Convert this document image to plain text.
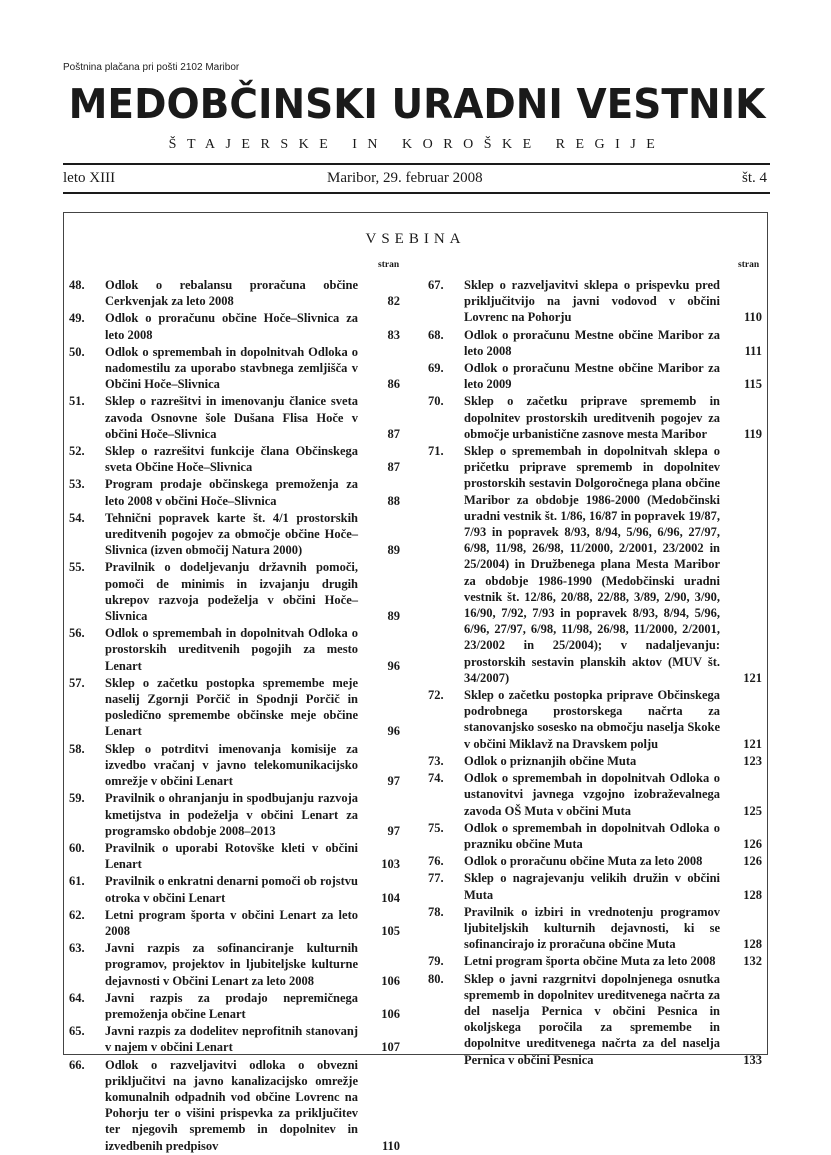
Poštnina plačana pri pošti 2102 Maribor
MEDOBČINSKI URADNI VESTNIK
ŠTAJERSKE IN KOROŠKE REGIJE
leto XIII	Maribor, 29. februar 2008	št. 4
VSEBINA
stran	stran
48.	Odlok o rebalansu proračuna občine Cerkvenjak za leto 2008	82
49.	Odlok o proračunu občine Hoče–Slivnica za leto 2008	83
50.	Odlok o spremembah in dopolnitvah Odloka o nadomestilu za uporabo stavbnega zemljišča v Občini Hoče–Slivnica	86
51.	Sklep o razrešitvi in imenovanju članice sveta zavoda Osnovne šole Dušana Flisa Hoče v občini Hoče–Slivnica	87
52.	Sklep o razrešitvi funkcije člana Občinskega sveta Občine Hoče–Slivnica	87
53.	Program prodaje občinskega premoženja za leto 2008 v občini Hoče–Slivnica	88
54.	Tehnični popravek karte št. 4/1 prostorskih ureditvenih pogojev za območje občine Hoče–Slivnica (izven območij Natura 2000)	89
55.	Pravilnik o dodeljevanju državnih pomoči, pomoči de minimis in izvajanju drugih ukrepov razvoja podeželja v občini Hoče–Slivnica	89
56.	Odlok o spremembah in dopolnitvah Odloka o prostorskih ureditvenih pogojih za mesto Lenart	96
57.	Sklep o začetku postopka spremembe meje naselij Zgornji Porčič in Spodnji Porčič in posledično spremembe občinske meje občine Lenart	96
58.	Sklep o potrditvi imenovanja komisije za izvedbo vračanj v javno telekomunikacijsko omrežje v občini Lenart	97
59.	Pravilnik o ohranjanju in spodbujanju razvoja kmetijstva in podeželja v občini Lenart za programsko obdobje 2008–2013	97
60.	Pravilnik o uporabi Rotovške kleti v občini Lenart	103
61.	Pravilnik o enkratni denarni pomoči ob rojstvu otroka v občini Lenart	104
62.	Letni program športa v občini Lenart za leto 2008	105
63.	Javni razpis za sofinanciranje kulturnih programov, projektov in ljubiteljske kulturne dejavnosti v Občini Lenart za leto 2008	106
64.	Javni razpis za prodajo nepremičnega premoženja občine Lenart	106
65.	Javni razpis za dodelitev neprofitnih stanovanj v najem v občini Lenart	107
66.	Odlok o razveljavitvi odloka o obvezni priključitvi na javno kanalizacijsko omrežje komunalnih odpadnih vod občine Lovrenc na Pohorju ter o višini prispevka za priključitev ter njegovih sprememb in dopolnitev in izvedbenih predpisov	110
67.	Sklep o razveljavitvi sklepa o prispevku pred priključitvijo na javni vodovod v občini Lovrenc na Pohorju	110
68.	Odlok o proračunu Mestne občine Maribor za leto 2008	111
69.	Odlok o proračunu Mestne občine Maribor za leto 2009	115
70.	Sklep o začetku priprave sprememb in dopolnitev prostorskih ureditvenih pogojev za območje urbanistične zasnove mesta Maribor	119
71.	Sklep o spremembah in dopolnitvah sklepa o pričetku priprave sprememb in dopolnitev prostorskih sestavin Dolgoročnega plana občine Maribor za obdobje 1986-2000 (Medobčinski uradni vestnik št. 1/86, 16/87 in popravek 19/87, 7/93 in popravek 8/93, 8/94, 5/96, 6/96, 27/97, 6/98, 11/98, 26/98, 11/2000, 2/2001, 23/2002 in 25/2004) in Družbenega plana Mesta Maribor za obdobje 1986-1990 (Medobčinski uradni vestnik št. 12/86, 20/88, 22/88, 3/89, 2/90, 3/90, 16/90, 7/92, 7/93 in popravek 8/93, 8/94, 5/96, 6/96, 27/97, 6/98, 11/98, 26/98, 11/2000, 2/2001, 23/2002 in 25/2004); v nadaljevanju: prostorskih sestavin planskih aktov (MUV št. 34/2007)	121
72.	Sklep o začetku postopka priprave Občinskega podrobnega prostorskega načrta za stanovanjsko sosesko na območju naselja Skoke v občini Miklavž na Dravskem polju	121
73.	Odlok o priznanjih občine Muta	123
74.	Odlok o spremembah in dopolnitvah Odloka o ustanovitvi javnega vzgojno izobraževalnega zavoda OŠ Muta v občini Muta	125
75.	Odlok o spremembah in dopolnitvah Odloka o prazniku občine Muta	126
76.	Odlok o proračunu občine Muta za leto 2008	126
77.	Sklep o nagrajevanju velikih družin v občini Muta	128
78.	Pravilnik o izbiri in vrednotenju programov ljubiteljskih kulturnih dejavnosti, ki se sofinancirajo iz proračuna občine Muta	128
79.	Letni program športa občine Muta za leto 2008	132
80.	Sklep o javni razgrnitvi dopolnjenega osnutka sprememb in dopolnitev ureditvenega načrta za del naselja Pernica v občini Pesnica in okoljskega poročila za spremembe in dopolnitve ureditvenega načrta za del naselja Pernica v občini Pesnica	133
